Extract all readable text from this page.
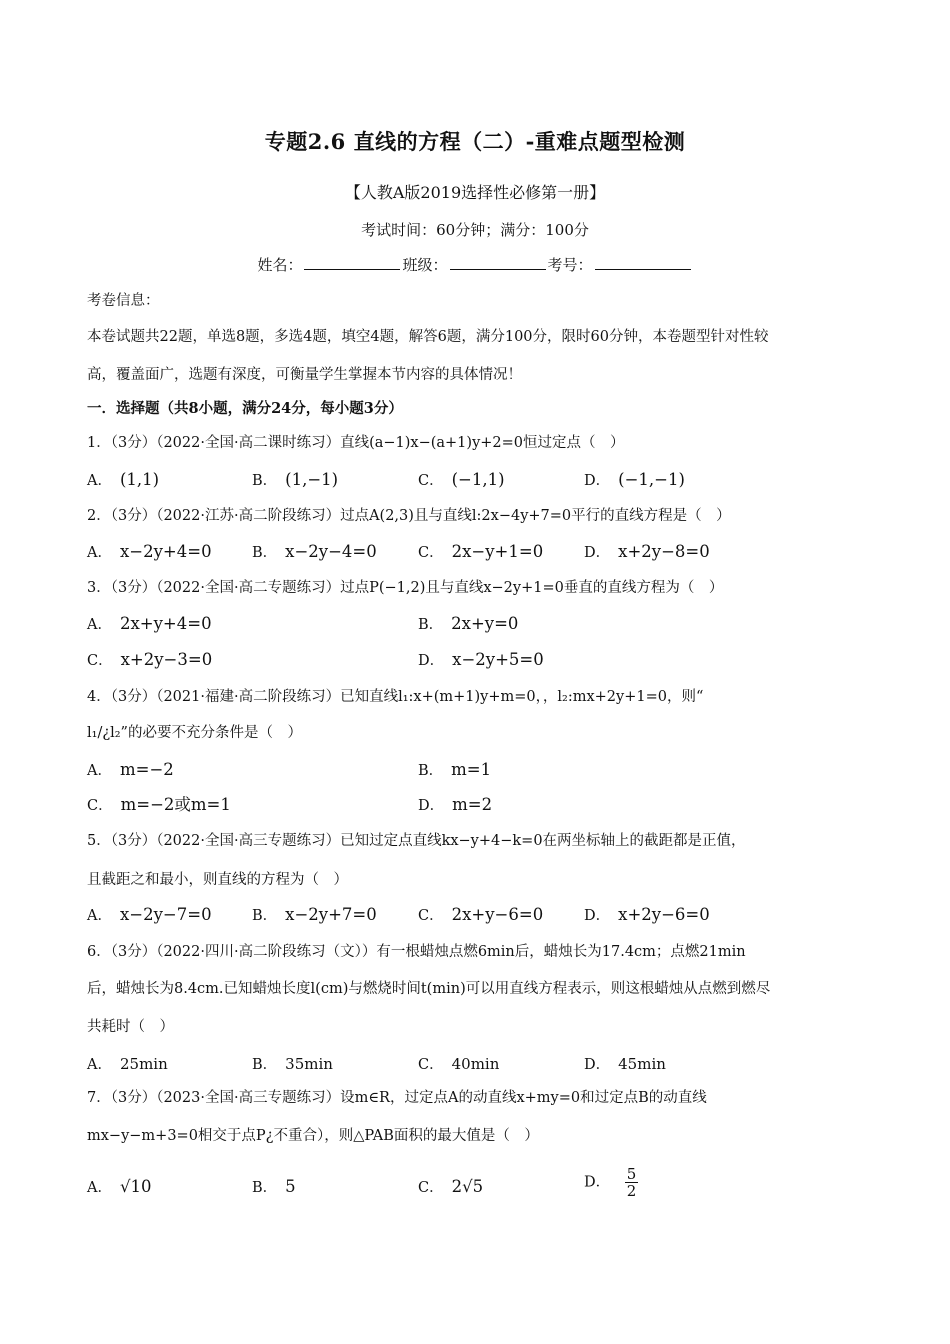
专题2.6 直线的方程（二）-重难点题型检测
【人教A版2019选择性必修第一册】
考试时间：60分钟；满分：100分
姓名：	班级：	考号：
考卷信息：
本卷试题共22题，单选8题，多选4题，填空4题，解答6题，满分100分，限时60分钟，本卷题型针对性较
高，覆盖面广，选题有深度，可衡量学生掌握本节内容的具体情况！
一．选择题（共8小题，满分24分，每小题3分）
1．（3分）（2022·全国·高二课时练习）直线(a−1)x−(a+1)y+2=0恒过定点（　）
A． (1,1)	B． (1,−1)	C． (−1,1)	D． (−1,−1)
2．（3分）（2022·江苏·高二阶段练习）过点A(2,3)且与直线l:2x−4y+7=0平行的直线方程是（　）
A． x−2y+4=0	B． x−2y−4=0	C． 2x−y+1=0	D． x+2y−8=0
3．（3分）（2022·全国·高二专题练习）过点P(−1,2)且与直线x−2y+1=0垂直的直线方程为（　）
A． 2x+y+4=0	B． 2x+y=0
C． x+2y−3=0	D． x−2y+5=0
4．（3分）（2021·福建·高二阶段练习）已知直线l₁:x+(m+1)y+m=0，，l₂:mx+2y+1=0，则“
l₁/¿l₂”的必要不充分条件是（　）
A． m=−2	B． m=1
C． m=−2或m=1	D． m=2
5．（3分）（2022·全国·高三专题练习）已知过定点直线kx−y+4−k=0在两坐标轴上的截距都是正值，
且截距之和最小，则直线的方程为（　）
A． x−2y−7=0	B． x−2y+7=0	C． 2x+y−6=0	D． x+2y−6=0
6．（3分）（2022·四川·高二阶段练习（文））有一根蜡烛点燃6min后，蜡烛长为17.4cm；点燃21min
后，蜡烛长为8.4cm.已知蜡烛长度l(cm)与燃烧时间t(min)可以用直线方程表示，则这根蜡烛从点燃到燃尽
共耗时（　）
A． 25min	B． 35min	C． 40min	D． 45min
7．（3分）（2023·全国·高三专题练习）设m∈R，过定点A的动直线x+my=0和过定点B的动直线
mx−y−m+3=0相交于点P¿不重合），则△PAB面积的最大值是（　）
A． √10	B． 5	C． 2√5	D． $\frac{5}{2}$
